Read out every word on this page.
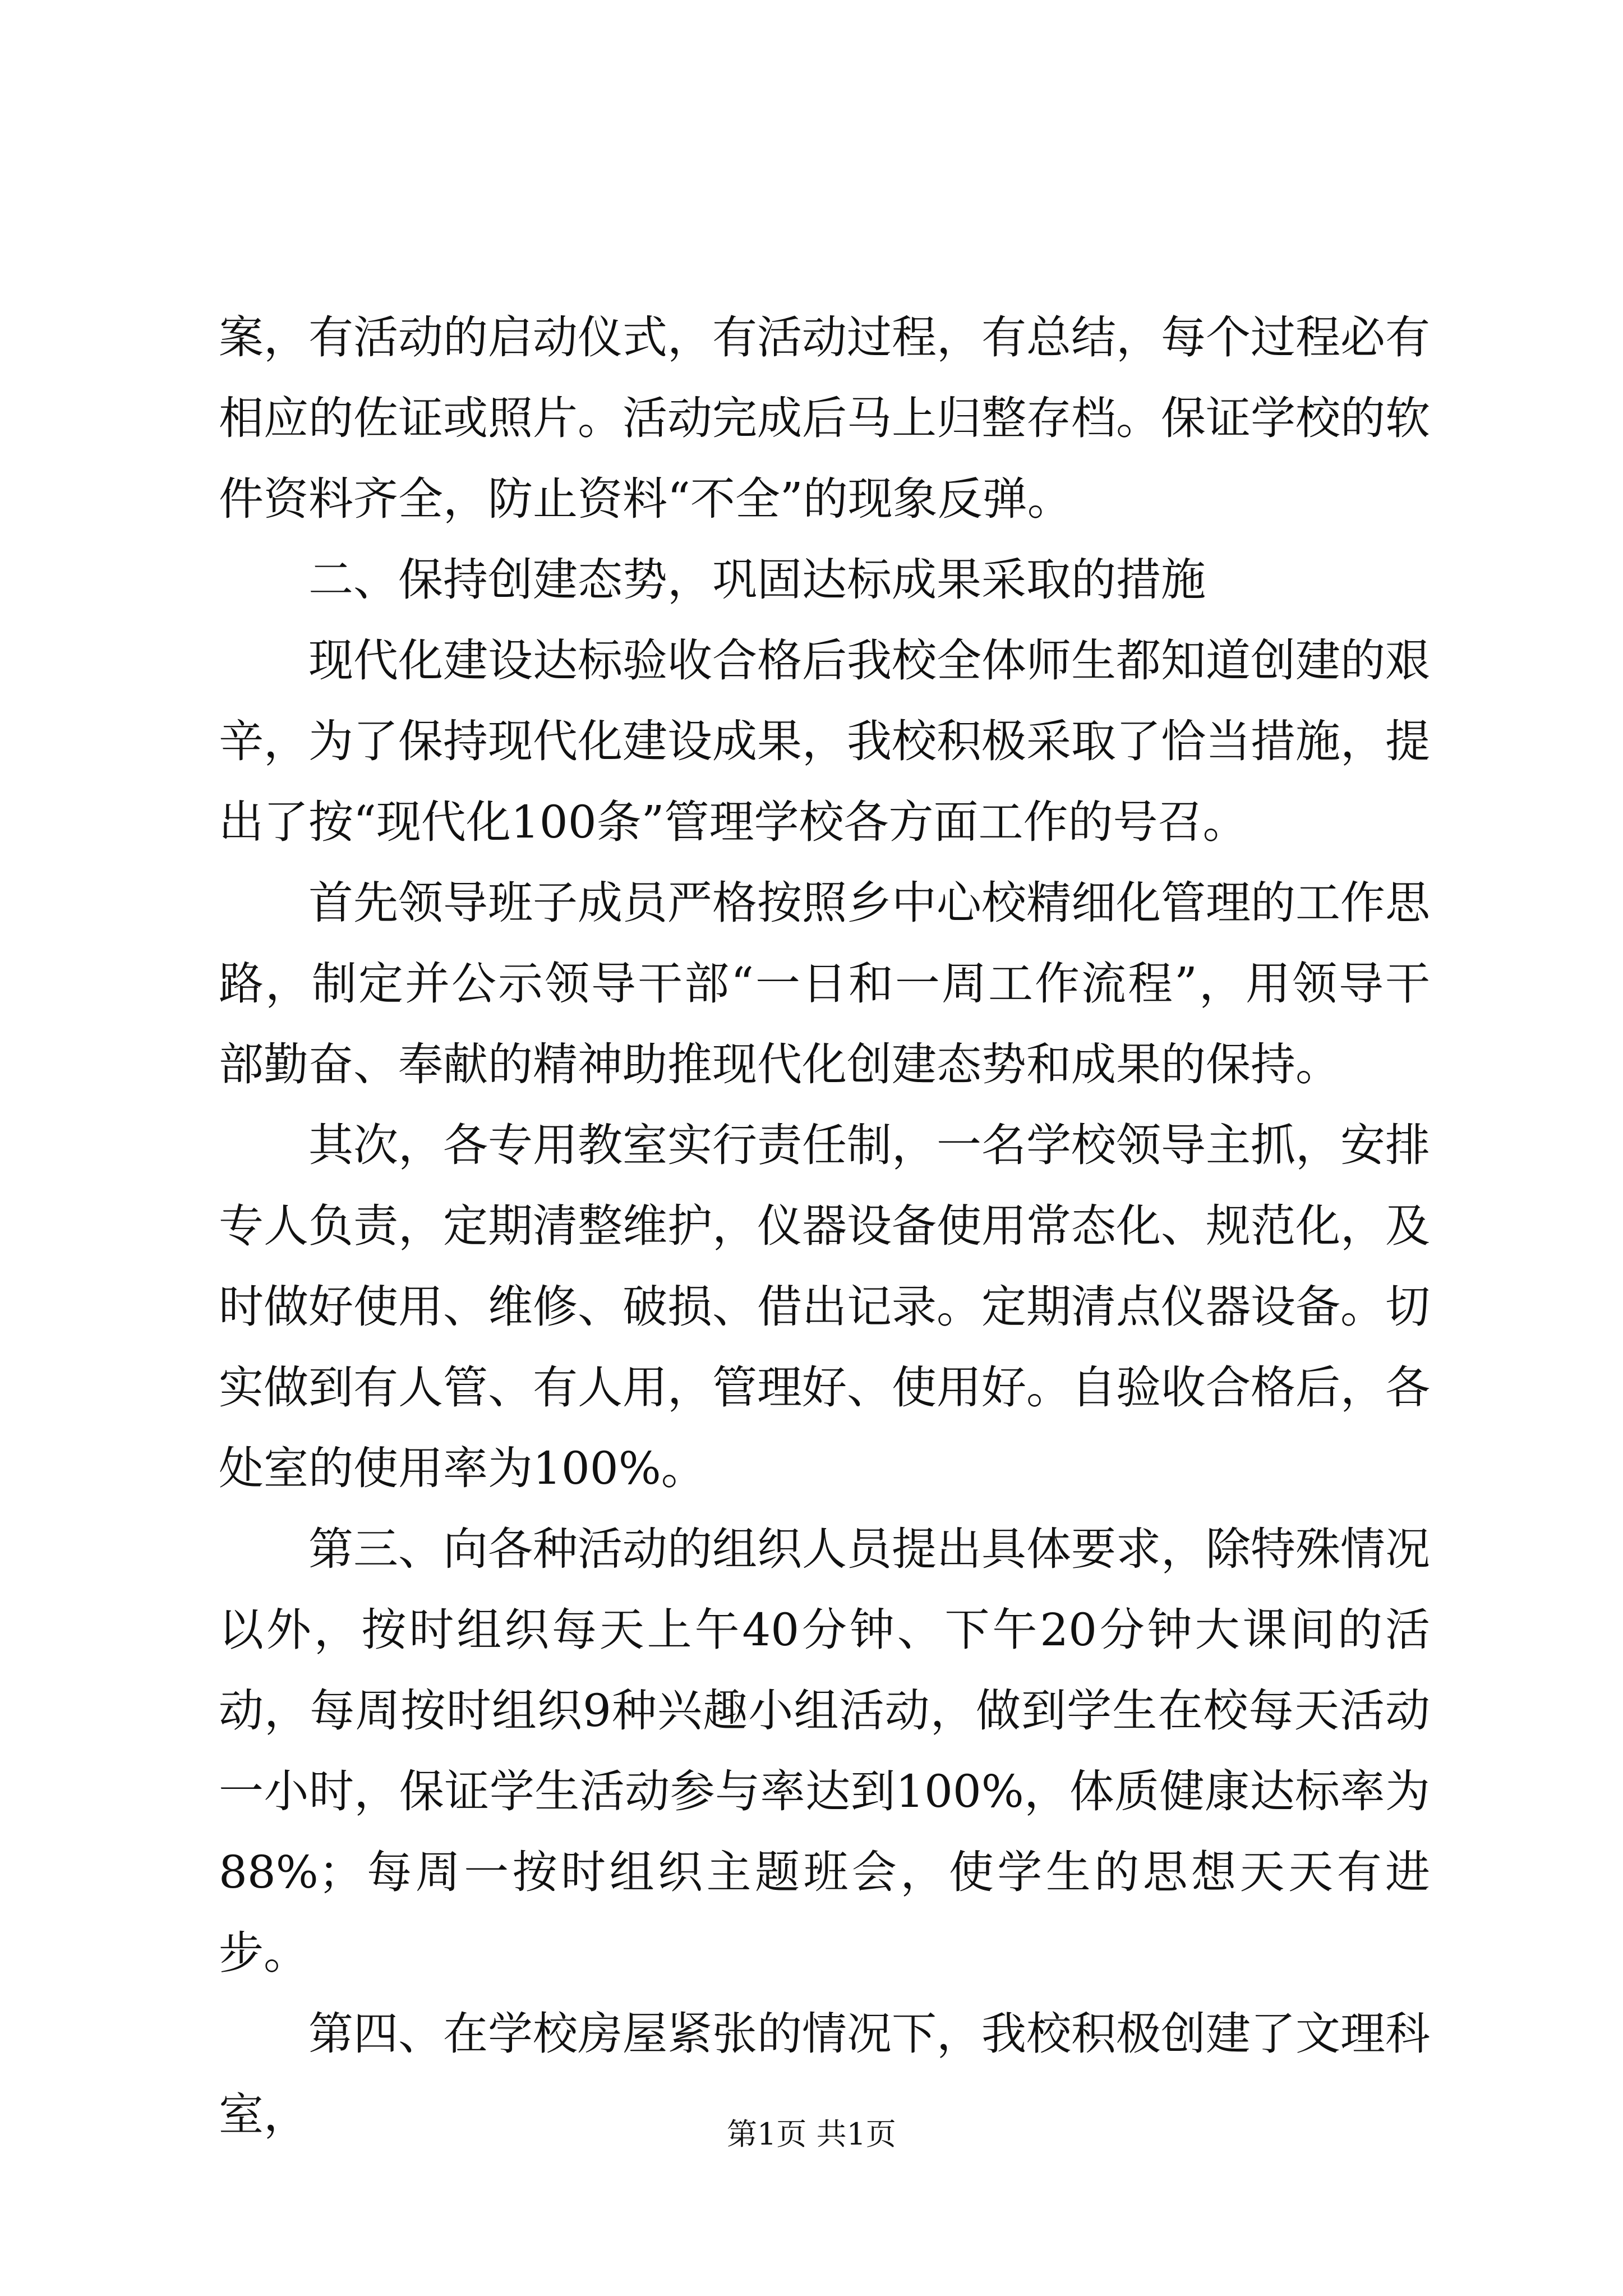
案，有活动的启动仪式，有活动过程，有总结，每个过程必有相应的佐证或照片。活动完成后马上归整存档。保证学校的软件资料齐全，防止资料“不全”的现象反弹。

二、保持创建态势，巩固达标成果采取的措施

现代化建设达标验收合格后我校全体师生都知道创建的艰辛，为了保持现代化建设成果，我校积极采取了恰当措施，提出了按“现代化100条”管理学校各方面工作的号召。

首先领导班子成员严格按照乡中心校精细化管理的工作思路，制定并公示领导干部“一日和一周工作流程”，用领导干部勤奋、奉献的精神助推现代化创建态势和成果的保持。

其次，各专用教室实行责任制，一名学校领导主抓，安排专人负责，定期清整维护，仪器设备使用常态化、规范化，及时做好使用、维修、破损、借出记录。定期清点仪器设备。切实做到有人管、有人用，管理好、使用好。自验收合格后，各处室的使用率为100%。

第三、向各种活动的组织人员提出具体要求，除特殊情况以外，按时组织每天上午40分钟、下午20分钟大课间的活动，每周按时组织9种兴趣小组活动，做到学生在校每天活动一小时，保证学生活动参与率达到100%，体质健康达标率为88%；每周一按时组织主题班会，使学生的思想天天有进步。

第四、在学校房屋紧张的情况下，我校积极创建了文理科室，	第1页 共1页
